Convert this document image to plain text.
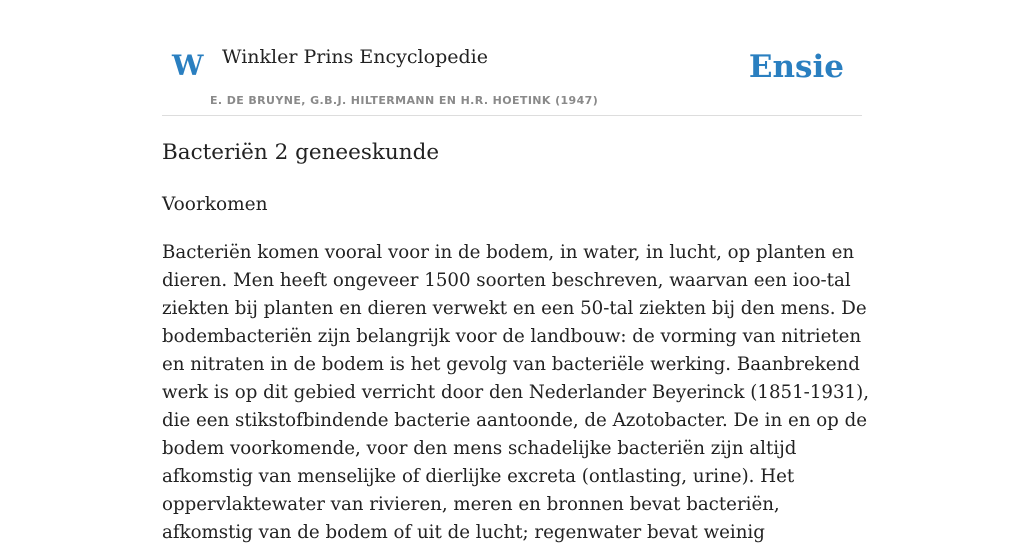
W Winkler Prins Encyclopedie
E. DE BRUYNE, G.B.J. HILTERMANN EN H.R. HOETINK (1947)
Ensie
Bacteriën 2 geneeskunde
Voorkomen

Bacteriën komen vooral voor in de bodem, in water, in lucht, op planten en dieren. Men heeft ongeveer 1500 soorten beschreven, waarvan een ioo-tal ziekten bij planten en dieren verwekt en een 50-tal ziekten bij den mens. De bodembacteriën zijn belangrijk voor de landbouw: de vorming van nitrieten en nitraten in de bodem is het gevolg van bacteriële werking. Baanbrekend werk is op dit gebied verricht door den Nederlander Beyerinck (1851-1931), die een stikstofbindende bacterie aantoonde, de Azotobacter. De in en op de bodem voorkomende, voor den mens schadelijke bacteriën zijn altijd afkomstig van menselijke of dierlijke excreta (ontlasting, urine). Het oppervlaktewater van rivieren, meren en bronnen bevat bacteriën, afkomstig van de bodem of uit de lucht; regenwater bevat weinig
